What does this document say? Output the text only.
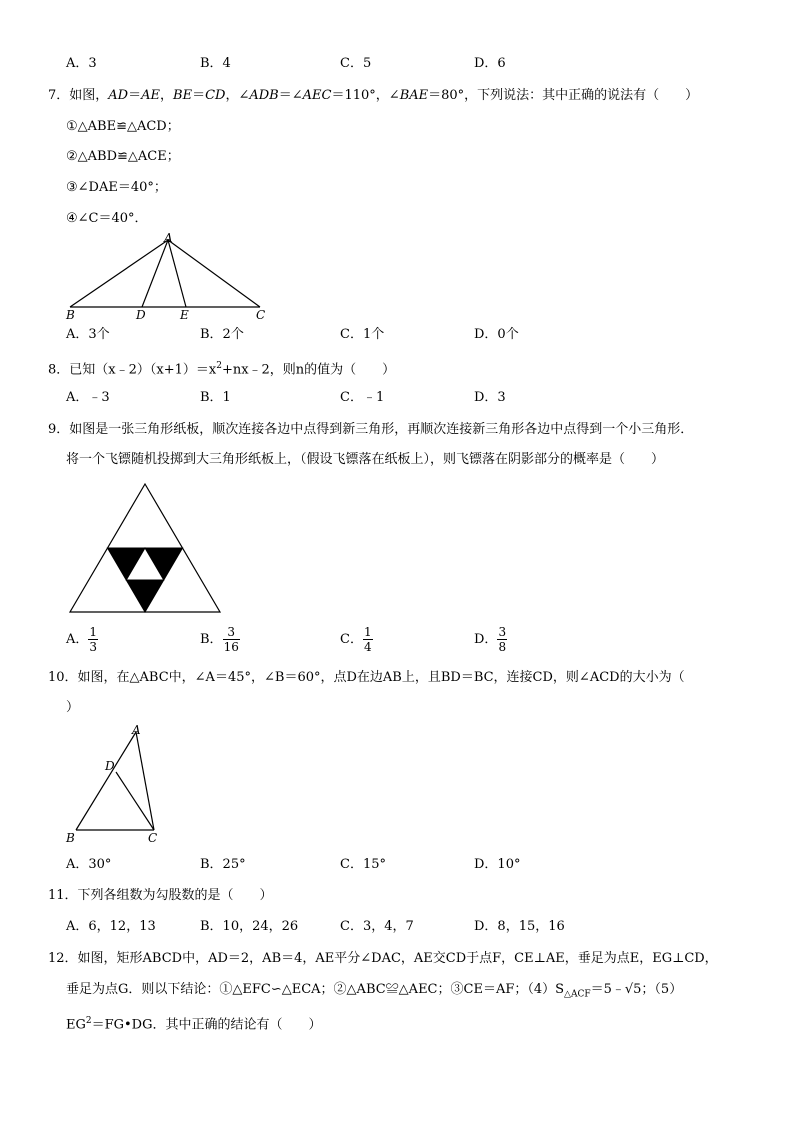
A．3	B．4	C．5	D．6
7．如图，AD＝AE，BE＝CD，∠ADB＝∠AEC＝110°，∠BAE＝80°，下列说法：其中正确的说法有（　　）
①△ABE≌△ACD；
②△ABD≌△ACE；
③∠DAE＝40°；
④∠C＝40°．
A
B	D	E	C
A．3个	B．2个	C．1个	D．0个
8．已知$(x﹣2)(x+1)=x^2+nx﹣2$，则n的值为（　　）
A．﹣3	B．1	C．﹣1	D．3
9．如图是一张三角形纸板，顺次连接各边中点得到新三角形，再顺次连接新三角形各边中点得到一个小三角形．
将一个飞镖随机投掷到大三角形纸板上，（假设飞镖落在纸板上），则飞镖落在阴影部分的概率是（　　）
A． $\frac{1}{3}$	B． $\frac{3}{16}$	C． $\frac{1}{4}$	D． $\frac{3}{8}$
10．如图，在△ABC中，∠A＝45°，∠B＝60°，点D在边AB上，且BD＝BC，连接CD，则∠ACD的大小为（
）
A
D
B	C
A．30°	B．25°	C．15°	D．10°
11．下列各组数为勾股数的是（　　）
A．6，12，13	B．10，24，26	C．3，4，7	D．8，15，16
12．如图，矩形ABCD中，AD＝2，AB＝4，AE平分∠DAC，AE交CD于点F，CE⊥AE，垂足为点E，EG⊥CD，
垂足为点G．则以下结论：①△EFC∽△ECA；②△ABC≌△AEC；③CE＝AF；$(4)S_{\triangle ACF}=5﹣√5$；（5）
$EG^2=FG•DG$．其中正确的结论有（　　）
